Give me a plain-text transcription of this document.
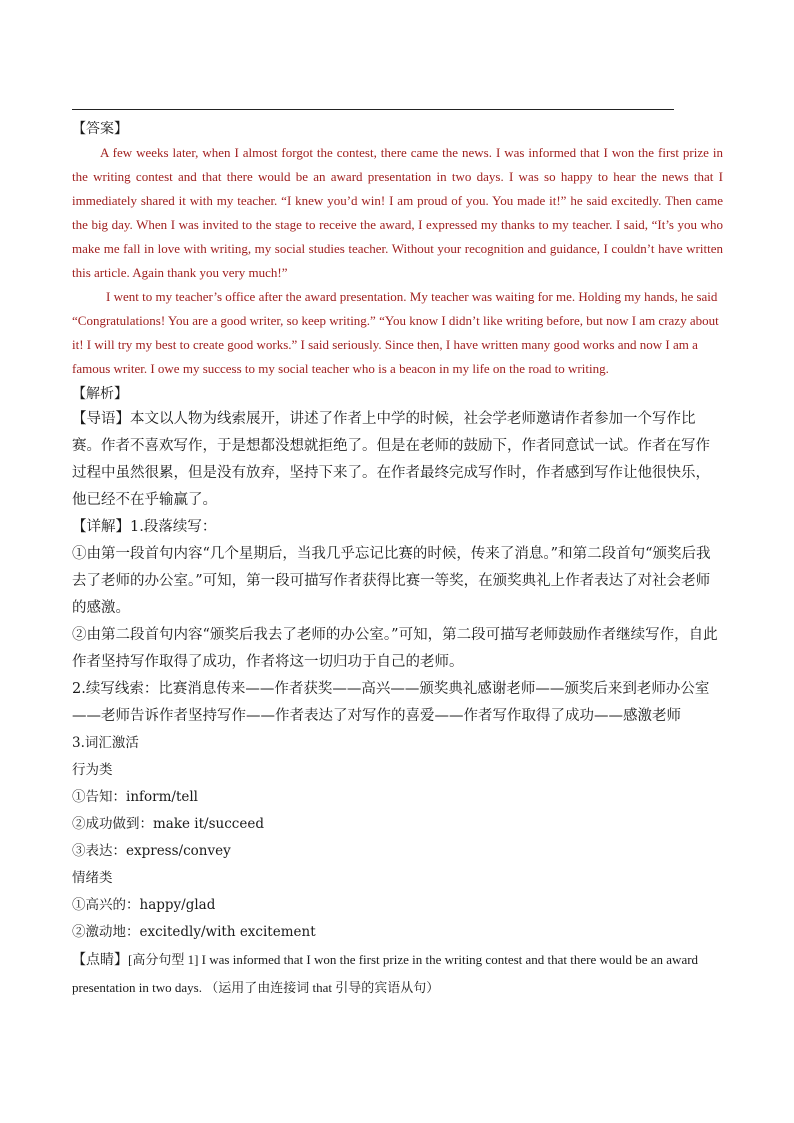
【答案】
A few weeks later, when I almost forgot the contest, there came the news. I was informed that I won the first prize in the writing contest and that there would be an award presentation in two days. I was so happy to hear the news that I immediately shared it with my teacher. “I knew you’d win! I am proud of you. You made it!” he said excitedly. Then came the big day. When I was invited to the stage to receive the award, I expressed my thanks to my teacher. I said, “It’s you who make me fall in love with writing, my social studies teacher. Without your recognition and guidance, I couldn’t have written this article. Again thank you very much!”
I went to my teacher’s office after the award presentation. My teacher was waiting for me. Holding my hands, he said “Congratulations! You are a good writer, so keep writing.” “You know I didn’t like writing before, but now I am crazy about it! I will try my best to create good works.” I said seriously. Since then, I have written many good works and now I am a famous writer. I owe my success to my social teacher who is a beacon in my life on the road to writing.
【解析】
【导语】本文以人物为线索展开，讲述了作者上中学的时候，社会学老师邀请作者参加一个写作比赛。作者不喜欢写作，于是想都没想就拒绝了。但是在老师的鼓励下，作者同意试一试。作者在写作过程中虽然很累，但是没有放弃，坚持下来了。在作者最终完成写作时，作者感到写作让他很快乐，他已经不在乎输赢了。
【详解】1.段落续写：
①由第一段首句内容“几个星期后，当我几乎忘记比赛的时候，传来了消息。”和第二段首句“颁奖后我去了老师的办公室。”可知，第一段可描写作者获得比赛一等奖，在颁奖典礼上作者表达了对社会老师的感激。
②由第二段首句内容“颁奖后我去了老师的办公室。”可知，第二段可描写老师鼓励作者继续写作，自此作者坚持写作取得了成功，作者将这一切归功于自己的老师。
2.续写线索：比赛消息传来——作者获奖——高兴——颁奖典礼感谢老师——颁奖后来到老师办公室——老师告诉作者坚持写作——作者表达了对写作的喜爱——作者写作取得了成功——感激老师
3.词汇激活
行为类
①告知：inform/tell
②成功做到：make it/succeed
③表达：express/convey
情绪类
①高兴的：happy/glad
②激动地：excitedly/with excitement
【点睛】[高分句型 1] I was informed that I won the first prize in the writing contest and that there would be an award presentation in two days. （运用了由连接词 that 引导的宾语从句）
